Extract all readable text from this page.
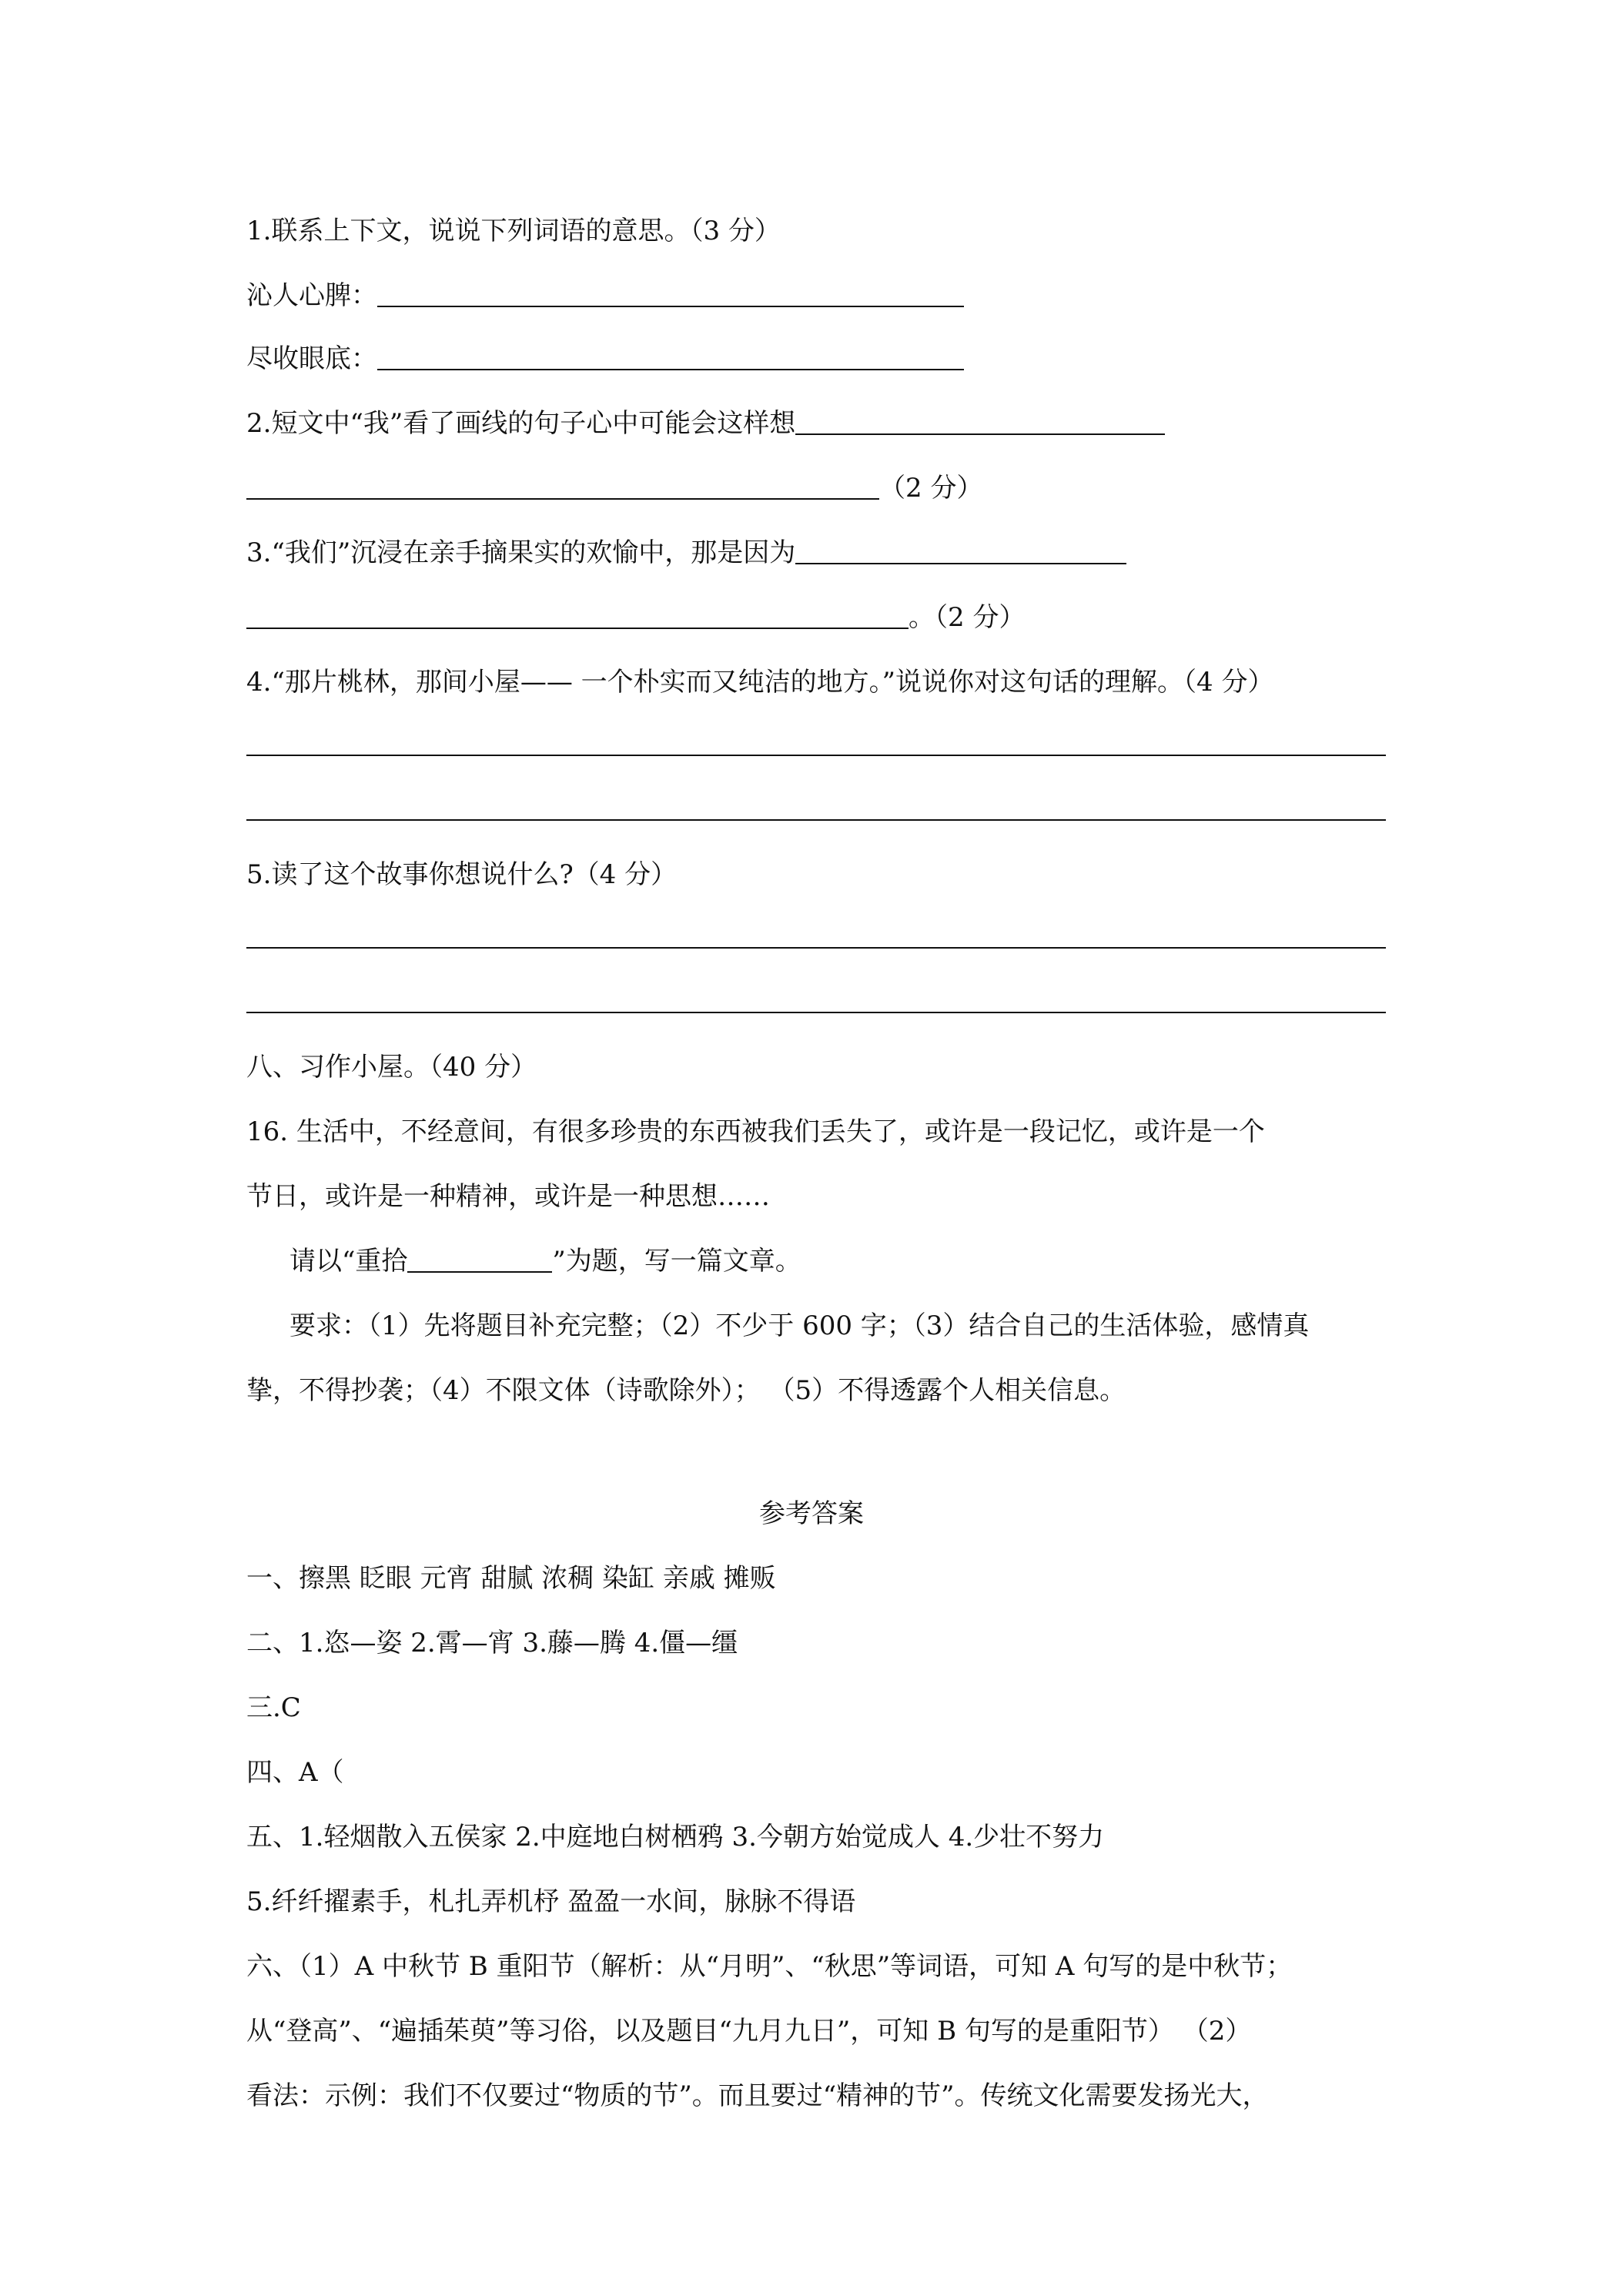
1.联系上下文，说说下列词语的意思。（3 分）
沁人心脾：
尽收眼底：
2.短文中“我”看了画线的句子心中可能会这样想
（2 分）
3.“我们”沉浸在亲手摘果实的欢愉中，那是因为
。（2 分）
4.“那片桃林，那间小屋—— 一个朴实而又纯洁的地方。”说说你对这句话的理解。（4 分）
5.读了这个故事你想说什么?（4 分）
八、习作小屋。（40 分）
16. 生活中，不经意间，有很多珍贵的东西被我们丢失了，或许是一段记忆，或许是一个
节日，或许是一种精神，或许是一种思想……
请以“重拾	”为题，写一篇文章。
要求：（1）先将题目补充完整；（2）不少于 600 字；（3）结合自己的生活体验，感情真
挚，不得抄袭；（4）不限文体（诗歌除外）； （5）不得透露个人相关信息。
参考答案
一、擦黑 眨眼 元宵 甜腻 浓稠 染缸 亲戚 摊贩
二、1.恣—姿 2.霄—宵 3.藤—腾 4.僵—缰
三.C
四、A（
五、1.轻烟散入五侯家 2.中庭地白树栖鸦 3.今朝方始觉成人 4.少壮不努力
5.纤纤擢素手，札扎弄机杼 盈盈一水间，脉脉不得语
六、（1）A 中秋节 B 重阳节（解析：从“月明”、“秋思”等词语，可知 A 句写的是中秋节；
从“登高”、“遍插茱萸”等习俗，以及题目“九月九日”，可知 B 句写的是重阳节） （2）
看法：示例：我们不仅要过“物质的节”。而且要过“精神的节”。传统文化需要发扬光大，
